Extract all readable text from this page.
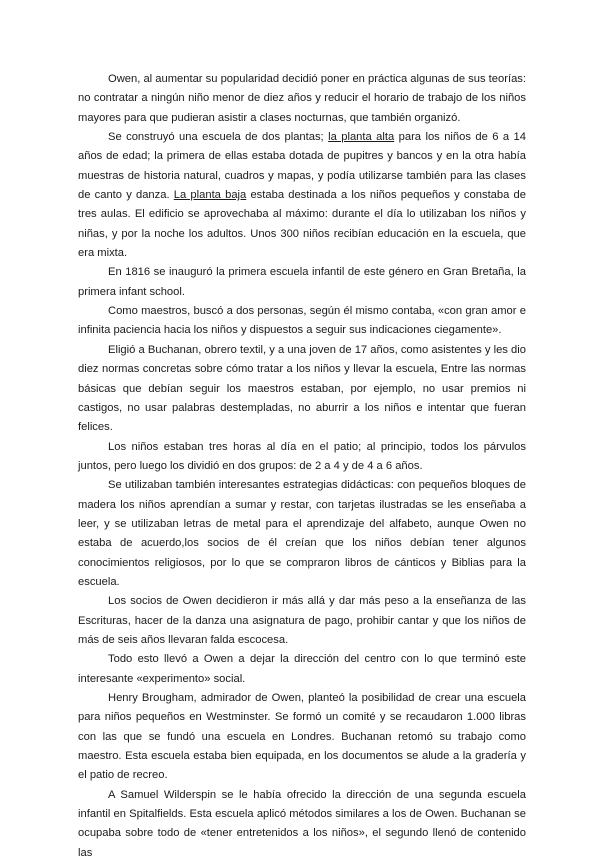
Owen, al aumentar su popularidad decidió poner en práctica algunas de sus teorías: no contratar a ningún niño menor de diez años y reducir el horario de trabajo de los niños mayores para que pudieran asistir a clases nocturnas, que también organizó.

Se construyó una escuela de dos plantas; la planta alta para los niños de 6 a 14 años de edad; la primera de ellas estaba dotada de pupitres y bancos y en la otra había muestras de historia natural, cuadros y mapas, y podía utilizarse también para las clases de canto y danza. La planta baja estaba destinada a los niños pequeños y constaba de tres aulas. El edificio se aprovechaba al máximo: durante el día lo utilizaban los niños y niñas, y por la noche los adultos. Unos 300 niños recibían educación en la escuela, que era mixta.

En 1816 se inauguró la primera escuela infantil de este género en Gran Bretaña, la primera infant school.

Como maestros, buscó a dos personas, según él mismo contaba, «con gran amor e infinita paciencia hacia los niños y dispuestos a seguir sus indicaciones ciegamente».

Eligió a Buchanan, obrero textil, y a una joven de 17 años, como asistentes y les dio diez normas concretas sobre cómo tratar a los niños y llevar la escuela, Entre las normas básicas que debían seguir los maestros estaban, por ejemplo, no usar premios ni castigos, no usar palabras destempladas, no aburrir a los niños e intentar que fueran felices.

Los niños estaban tres horas al día en el patio; al principio, todos los párvulos juntos, pero luego los dividió en dos grupos: de 2 a 4 y de 4 a 6 años.

Se utilizaban también interesantes estrategias didácticas: con pequeños bloques de madera los niños aprendían a sumar y restar, con tarjetas ilustradas se les enseñaba a leer, y se utilizaban letras de metal para el aprendizaje del alfabeto, aunque Owen no estaba de acuerdo,los socios de él creían que los niños debían tener algunos conocimientos religiosos, por lo que se compraron libros de cánticos y Biblias para la escuela.

Los socios de Owen decidieron ir más allá y dar más peso a la enseñanza de las Escrituras, hacer de la danza una asignatura de pago, prohibir cantar y que los niños de más de seis años llevaran falda escocesa.

Todo esto llevó a Owen a dejar la dirección del centro con lo que terminó este interesante «experimento» social.

Henry Brougham, admirador de Owen, planteó la posibilidad de crear una escuela para niños pequeños en Westminster. Se formó un comité y se recaudaron 1.000 libras con las que se fundó una escuela en Londres. Buchanan retomó su trabajo como maestro. Esta escuela estaba bien equipada, en los documentos se alude a la gradería y el patio de recreo.

A Samuel Wilderspin se le había ofrecido la dirección de una segunda escuela infantil en Spitalfields. Esta escuela aplicó métodos similares a los de Owen. Buchanan se ocupaba sobre todo de «tener entretenidos a los niños», el segundo llenó de contenido las
